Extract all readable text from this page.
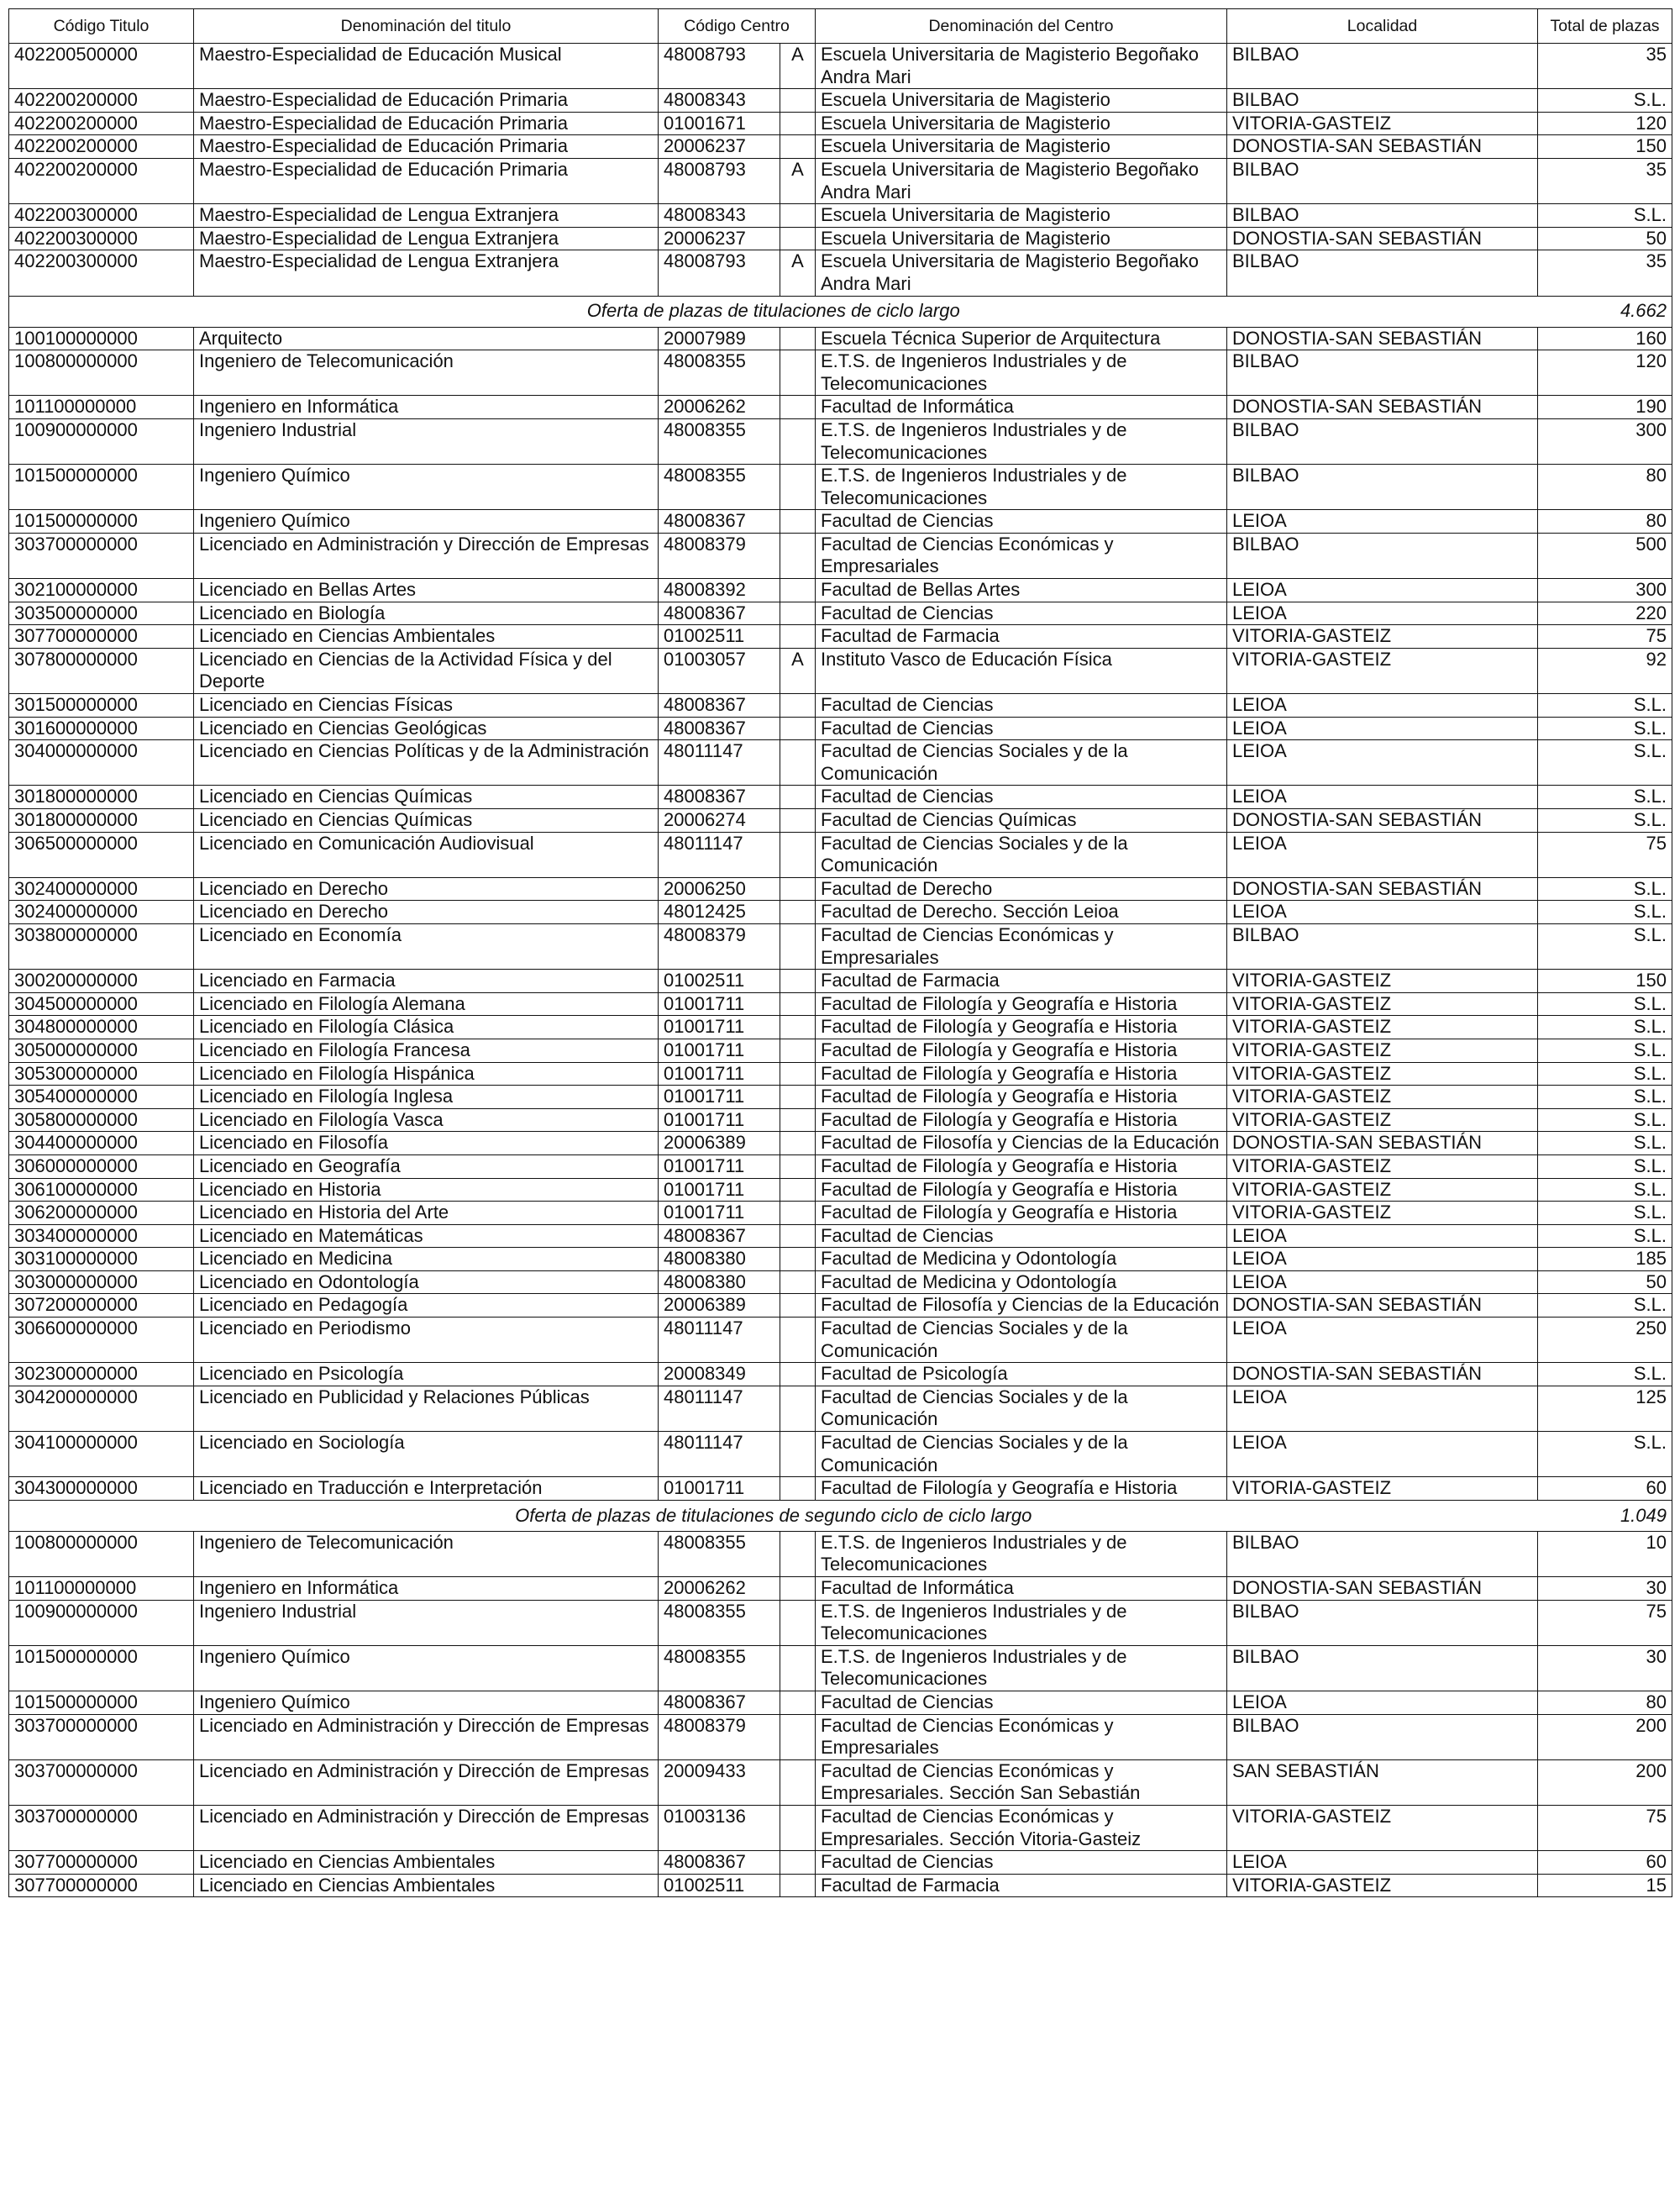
Código Titulo	Denominación del titulo	Código Centro		Denominación del Centro	Localidad	Total de plazas
402200500000	Maestro-Especialidad de Educación Musical	48008793	A	Escuela Universitaria de Magisterio Begoñako Andra Mari	BILBAO	35
402200200000	Maestro-Especialidad de Educación Primaria	48008343		Escuela Universitaria de Magisterio	BILBAO	S.L.
402200200000	Maestro-Especialidad de Educación Primaria	01001671		Escuela Universitaria de Magisterio	VITORIA-GASTEIZ	120
402200200000	Maestro-Especialidad de Educación Primaria	20006237		Escuela Universitaria de Magisterio	DONOSTIA-SAN SEBASTIÁN	150
402200200000	Maestro-Especialidad de Educación Primaria	48008793	A	Escuela Universitaria de Magisterio Begoñako Andra Mari	BILBAO	35
402200300000	Maestro-Especialidad de Lengua Extranjera	48008343		Escuela Universitaria de Magisterio	BILBAO	S.L.
402200300000	Maestro-Especialidad de Lengua Extranjera	20006237		Escuela Universitaria de Magisterio	DONOSTIA-SAN SEBASTIÁN	50
402200300000	Maestro-Especialidad de Lengua Extranjera	48008793	A	Escuela Universitaria de Magisterio Begoñako Andra Mari	BILBAO	35
Oferta de plazas de titulaciones de ciclo largo						4.662
100100000000	Arquitecto	20007989		Escuela Técnica Superior de Arquitectura	DONOSTIA-SAN SEBASTIÁN	160
100800000000	Ingeniero de Telecomunicación	48008355		E.T.S. de Ingenieros Industriales y de Telecomunicaciones	BILBAO	120
101100000000	Ingeniero en Informática	20006262		Facultad de Informática	DONOSTIA-SAN SEBASTIÁN	190
100900000000	Ingeniero Industrial	48008355		E.T.S. de Ingenieros Industriales y de Telecomunicaciones	BILBAO	300
101500000000	Ingeniero Químico	48008355		E.T.S. de Ingenieros Industriales y de Telecomunicaciones	BILBAO	80
101500000000	Ingeniero Químico	48008367		Facultad de Ciencias	LEIOA	80
303700000000	Licenciado en Administración y Dirección de Empresas	48008379		Facultad de Ciencias Económicas y Empresariales	BILBAO	500
302100000000	Licenciado en Bellas Artes	48008392		Facultad de Bellas Artes	LEIOA	300
303500000000	Licenciado en Biología	48008367		Facultad de Ciencias	LEIOA	220
307700000000	Licenciado en Ciencias Ambientales	01002511		Facultad de Farmacia	VITORIA-GASTEIZ	75
307800000000	Licenciado en Ciencias de la Actividad Física y del Deporte	01003057	A	Instituto Vasco de Educación Física	VITORIA-GASTEIZ	92
301500000000	Licenciado en Ciencias Físicas	48008367		Facultad de Ciencias	LEIOA	S.L.
301600000000	Licenciado en Ciencias Geológicas	48008367		Facultad de Ciencias	LEIOA	S.L.
304000000000	Licenciado en Ciencias Políticas y de la Administración	48011147		Facultad de Ciencias Sociales y de la Comunicación	LEIOA	S.L.
301800000000	Licenciado en Ciencias Químicas	48008367		Facultad de Ciencias	LEIOA	S.L.
301800000000	Licenciado en Ciencias Químicas	20006274		Facultad de Ciencias Químicas	DONOSTIA-SAN SEBASTIÁN	S.L.
306500000000	Licenciado en Comunicación Audiovisual	48011147		Facultad de Ciencias Sociales y de la Comunicación	LEIOA	75
302400000000	Licenciado en Derecho	20006250		Facultad de Derecho	DONOSTIA-SAN SEBASTIÁN	S.L.
302400000000	Licenciado en Derecho	48012425		Facultad de Derecho. Sección Leioa	LEIOA	S.L.
303800000000	Licenciado en Economía	48008379		Facultad de Ciencias Económicas y Empresariales	BILBAO	S.L.
300200000000	Licenciado en Farmacia	01002511		Facultad de Farmacia	VITORIA-GASTEIZ	150
304500000000	Licenciado en Filología Alemana	01001711		Facultad de Filología y Geografía e Historia	VITORIA-GASTEIZ	S.L.
304800000000	Licenciado en Filología Clásica	01001711		Facultad de Filología y Geografía e Historia	VITORIA-GASTEIZ	S.L.
305000000000	Licenciado en Filología Francesa	01001711		Facultad de Filología y Geografía e Historia	VITORIA-GASTEIZ	S.L.
305300000000	Licenciado en Filología Hispánica	01001711		Facultad de Filología y Geografía e Historia	VITORIA-GASTEIZ	S.L.
305400000000	Licenciado en Filología Inglesa	01001711		Facultad de Filología y Geografía e Historia	VITORIA-GASTEIZ	S.L.
305800000000	Licenciado en Filología Vasca	01001711		Facultad de Filología y Geografía e Historia	VITORIA-GASTEIZ	S.L.
304400000000	Licenciado en Filosofía	20006389		Facultad de Filosofía y Ciencias de la Educación	DONOSTIA-SAN SEBASTIÁN	S.L.
306000000000	Licenciado en Geografía	01001711		Facultad de Filología y Geografía e Historia	VITORIA-GASTEIZ	S.L.
306100000000	Licenciado en Historia	01001711		Facultad de Filología y Geografía e Historia	VITORIA-GASTEIZ	S.L.
306200000000	Licenciado en Historia del Arte	01001711		Facultad de Filología y Geografía e Historia	VITORIA-GASTEIZ	S.L.
303400000000	Licenciado en Matemáticas	48008367		Facultad de Ciencias	LEIOA	S.L.
303100000000	Licenciado en Medicina	48008380		Facultad de Medicina y Odontología	LEIOA	185
303000000000	Licenciado en Odontología	48008380		Facultad de Medicina y Odontología	LEIOA	50
307200000000	Licenciado en Pedagogía	20006389		Facultad de Filosofía y Ciencias de la Educación	DONOSTIA-SAN SEBASTIÁN	S.L.
306600000000	Licenciado en Periodismo	48011147		Facultad de Ciencias Sociales y de la Comunicación	LEIOA	250
302300000000	Licenciado en Psicología	20008349		Facultad de Psicología	DONOSTIA-SAN SEBASTIÁN	S.L.
304200000000	Licenciado en Publicidad y Relaciones Públicas	48011147		Facultad de Ciencias Sociales y de la Comunicación	LEIOA	125
304100000000	Licenciado en Sociología	48011147		Facultad de Ciencias Sociales y de la Comunicación	LEIOA	S.L.
304300000000	Licenciado en Traducción e Interpretación	01001711		Facultad de Filología y Geografía e Historia	VITORIA-GASTEIZ	60
Oferta de plazas de titulaciones de segundo ciclo de ciclo largo						1.049
100800000000	Ingeniero de Telecomunicación	48008355		E.T.S. de Ingenieros Industriales y de Telecomunicaciones	BILBAO	10
101100000000	Ingeniero en Informática	20006262		Facultad de Informática	DONOSTIA-SAN SEBASTIÁN	30
100900000000	Ingeniero Industrial	48008355		E.T.S. de Ingenieros Industriales y de Telecomunicaciones	BILBAO	75
101500000000	Ingeniero Químico	48008355		E.T.S. de Ingenieros Industriales y de Telecomunicaciones	BILBAO	30
101500000000	Ingeniero Químico	48008367		Facultad de Ciencias	LEIOA	80
303700000000	Licenciado en Administración y Dirección de Empresas	48008379		Facultad de Ciencias Económicas y Empresariales	BILBAO	200
303700000000	Licenciado en Administración y Dirección de Empresas	20009433		Facultad de Ciencias Económicas y Empresariales. Sección San Sebastián	SAN SEBASTIÁN	200
303700000000	Licenciado en Administración y Dirección de Empresas	01003136		Facultad de Ciencias Económicas y Empresariales. Sección Vitoria-Gasteiz	VITORIA-GASTEIZ	75
307700000000	Licenciado en Ciencias Ambientales	48008367		Facultad de Ciencias	LEIOA	60
307700000000	Licenciado en Ciencias Ambientales	01002511		Facultad de Farmacia	VITORIA-GASTEIZ	15
